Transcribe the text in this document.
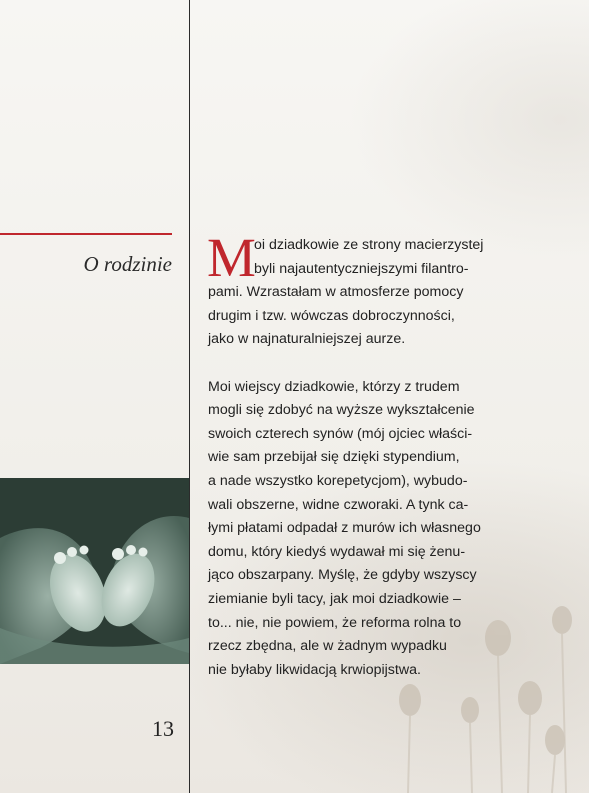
O rodzinie
13

M
oi dziadkowie ze strony macierzystej
byli najautentyczniejszymi filantro-
pami. Wzrastałam w atmosferze pomocy
drugim i tzw. wówczas dobroczynności,
jako w najnaturalniejszej aurze.

Moi wiejscy dziadkowie, którzy z trudem
mogli się zdobyć na wyższe wykształcenie
swoich czterech synów (mój ojciec właści-
wie sam przebijał się dzięki stypendium,
a nade wszystko korepetycjom), wybudo-
wali obszerne, widne czworaki. A tynk ca-
łymi płatami odpadał z murów ich własnego
domu, który kiedyś wydawał mi się żenu-
jąco obszarpany. Myślę, że gdyby wszyscy
ziemianie byli tacy, jak moi dziadkowie –
to... nie, nie powiem, że reforma rolna to
rzecz zbędna, ale w żadnym wypadku
nie byłaby likwidacją krwiopijstwa.
